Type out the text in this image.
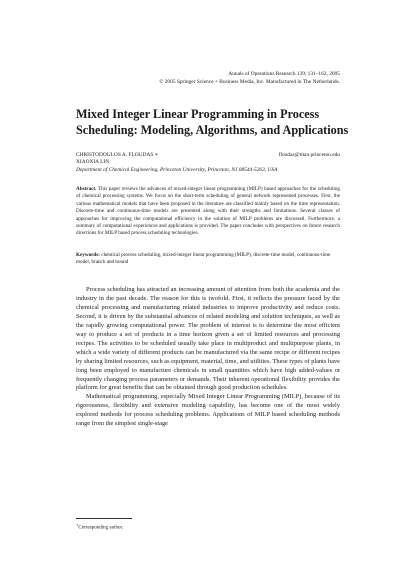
Annals of Operations Research 139, 131–162, 2005
© 2005 Springer Science + Business Media, Inc. Manufactured in The Netherlands.
Mixed Integer Linear Programming in Process
Scheduling: Modeling, Algorithms, and Applications
CHRISTODOULOS A. FLOUDAS ∗	floudas@titan.princeton.edu
XIAOXIA LIN
Department of Chemical Engineering, Princeton University, Princeton, NJ 08544-5263, USA
Abstract. This paper reviews the advances of mixed-integer linear programming (MILP) based approaches for the scheduling of chemical processing systems. We focus on the short-term scheduling of general network represented processes. First, the various mathematical models that have been proposed in the literature are classified mainly based on the time representation. Discrete-time and continuous-time models are presented along with their strengths and limitations. Several classes of approaches for improving the computational efficiency in the solution of MILP problems are discussed. Furthermore, a summary of computational experiences and applications is provided. The paper concludes with perspectives on future research directions for MILP based process scheduling technologies.
Keywords: chemical process scheduling, mixed-integer linear programming (MILP), discrete-time model, continuous-time model, branch and bound

Process scheduling has attracted an increasing amount of attention from both the academia and the industry in the past decade. The reason for this is twofold. First, it reflects the pressure faced by the chemical processing and manufacturing related industries to improve productivity and reduce costs. Second, it is driven by the substantial advances of related modeling and solution techniques, as well as the rapidly growing computational power. The problem of interest is to determine the most efficient way to produce a set of products in a time horizon given a set of limited resources and processing recipes. The activities to be scheduled usually take place in multiproduct and multipurpose plants, in which a wide variety of different products can be manufactured via the same recipe or different recipes by sharing limited resources, such as equipment, material, time, and utilities. These types of plants have long been employed to manufacture chemicals in small quantities which have high added-values or frequently changing process parameters or demands. Their inherent operational flexibility provides the platform for great benefits that can be obtained through good production schedules.

Mathematical programming, especially Mixed Integer Linear Programming (MILP), because of its rigorousness, flexibility and extensive modeling capability, has become one of the most widely explored methods for process scheduling problems. Applications of MILP based scheduling methods range from the simplest single-stage

∗Corresponding author.
